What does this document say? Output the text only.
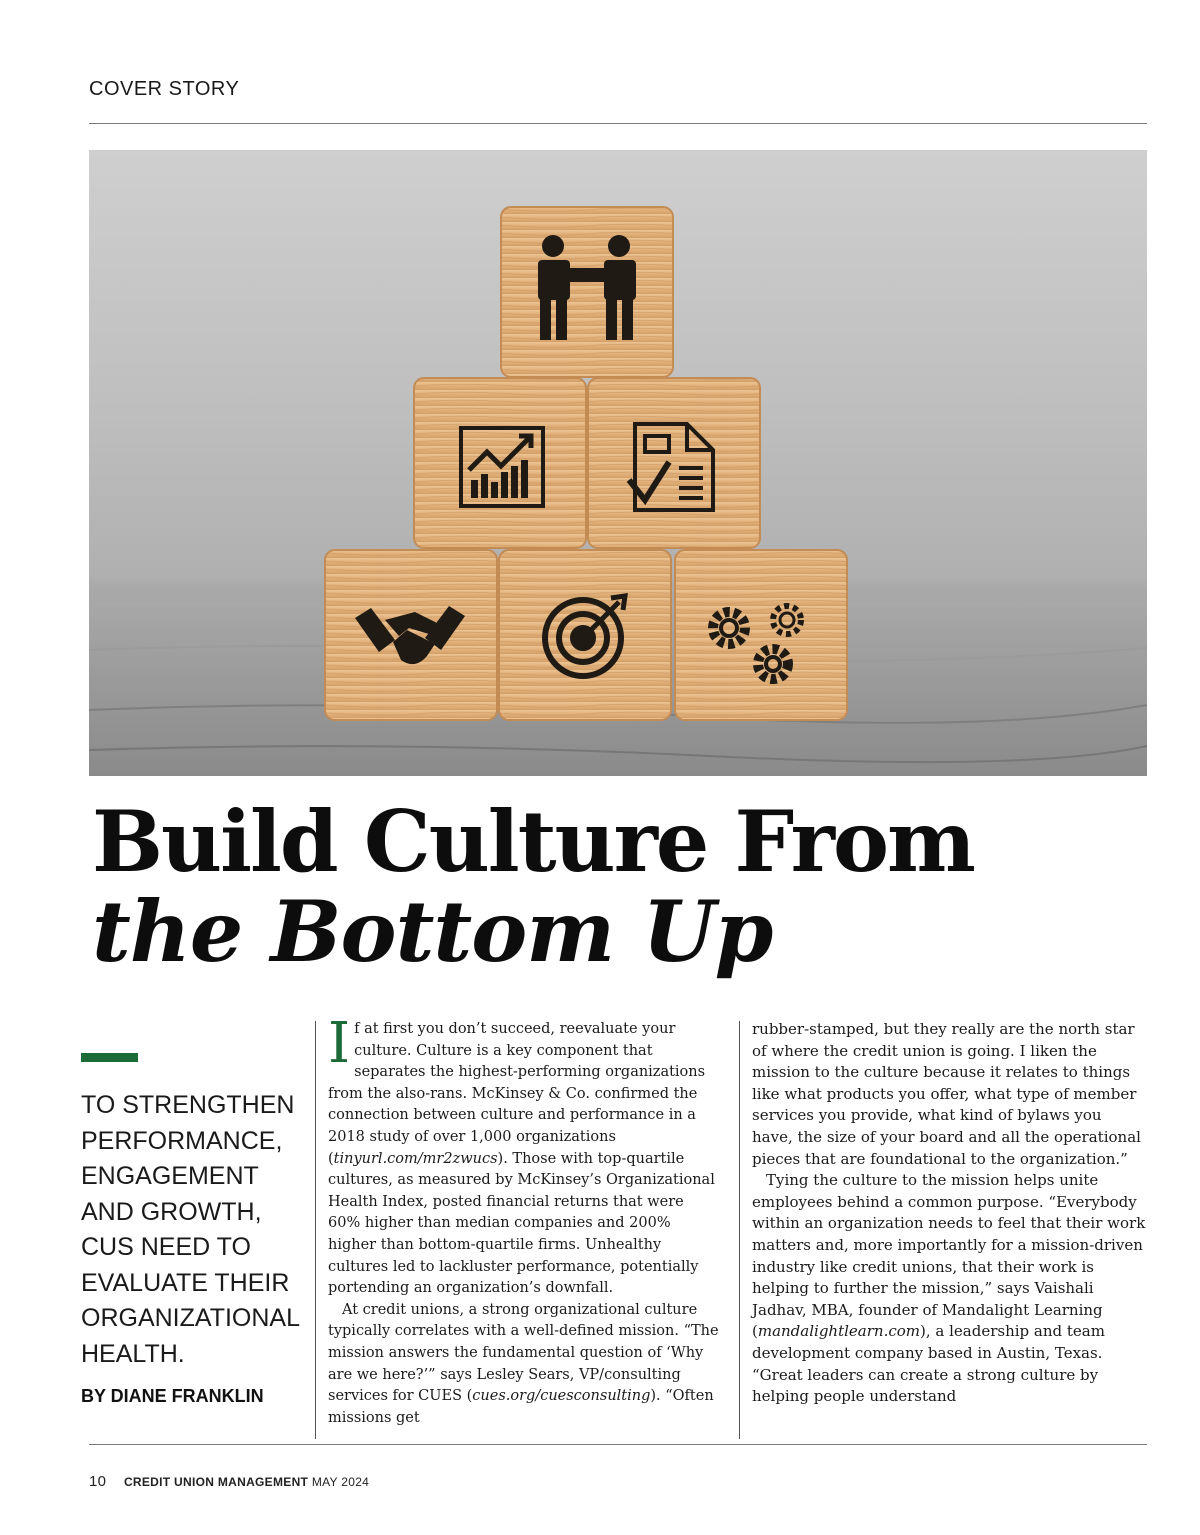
COVER STORY
Build Culture From
the Bottom Up
TO STRENGTHEN PERFORMANCE, ENGAGEMENT AND GROWTH, CUS NEED TO EVALUATE THEIR ORGANIZATIONAL HEALTH.
BY DIANE FRANKLIN

If at first you don’t succeed, reevaluate your culture. Culture is a key component that separates the highest-performing organizations from the also-rans. McKinsey & Co. confirmed the connection between culture and performance in a 2018 study of over 1,000 organizations (tinyurl.com/mr2zwucs). Those with top-quartile cultures, as measured by McKinsey’s Organizational Health Index, posted financial returns that were 60% higher than median companies and 200% higher than bottom-quartile firms. Unhealthy cultures led to lackluster performance, potentially portending an organization’s downfall.

At credit unions, a strong organizational culture typically correlates with a well-defined mission. “The mission answers the fundamental question of ‘Why are we here?’” says Lesley Sears, VP/consulting services for CUES (cues.org/cuesconsulting). “Often missions get

rubber-stamped, but they really are the north star of where the credit union is going. I liken the mission to the culture because it relates to things like what products you offer, what type of member services you provide, what kind of bylaws you have, the size of your board and all the operational pieces that are foundational to the organization.”

Tying the culture to the mission helps unite employees behind a common purpose. “Everybody within an organization needs to feel that their work matters and, more importantly for a mission-driven industry like credit unions, that their work is helping to further the mission,” says Vaishali Jadhav, MBA, founder of Mandalight Learning (mandalightlearn.com), a leadership and team development company based in Austin, Texas. “Great leaders can create a strong culture by helping people understand

10 CREDIT UNION MANAGEMENT MAY 2024
